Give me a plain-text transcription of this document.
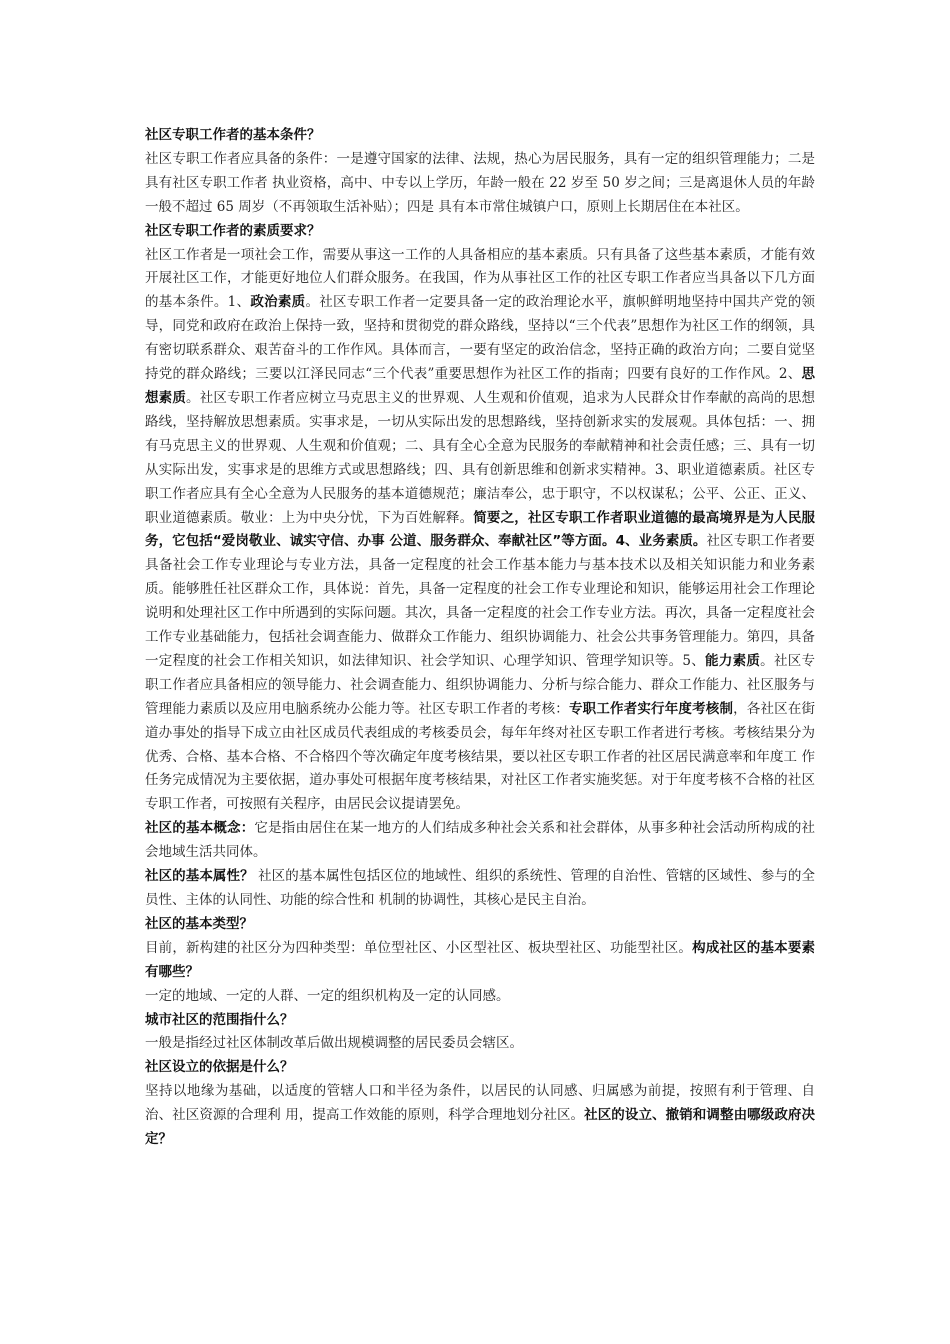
社区专职工作者的基本条件？

社区专职工作者应具备的条件：一是遵守国家的法律、法规，热心为居民服务，具有一定的组织管理能力；二是具有社区专职工作者 执业资格，高中、中专以上学历，年龄一般在 22 岁至 50 岁之间；三是离退休人员的年龄一般不超过 65 周岁（不再领取生活补贴）；四是 具有本市常住城镇户口，原则上长期居住在本社区。

社区专职工作者的素质要求？

社区工作者是一项社会工作，需要从事这一工作的人具备相应的基本素质。只有具备了这些基本素质，才能有效开展社区工作，才能更好地位人们群众服务。在我国，作为从事社区工作的社区专职工作者应当具备以下几方面的基本条件。1、政治素质。社区专职工作者一定要具备一定的政治理论水平，旗帜鲜明地坚持中国共产党的领导，同党和政府在政治上保持一致，坚持和贯彻党的群众路线，坚持以“三个代表”思想作为社区工作的纲领，具有密切联系群众、艰苦奋斗的工作作风。具体而言，一要有坚定的政治信念，坚持正确的政治方向；二要自觉坚持党的群众路线；三要以江泽民同志“三个代表”重要思想作为社区工作的指南；四要有良好的工作作风。2、思想素质。社区专职工作者应树立马克思主义的世界观、人生观和价值观，追求为人民群众甘作奉献的高尚的思想路线，坚持解放思想素质。实事求是，一切从实际出发的思想路线，坚持创新求实的发展观。具体包括：一、拥有马克思主义的世界观、人生观和价值观；二、具有全心全意为民服务的奉献精神和社会责任感；三、具有一切从实际出发，实事求是的思维方式或思想路线；四、具有创新思维和创新求实精神。3、职业道德素质。社区专职工作者应具有全心全意为人民服务的基本道德规范；廉洁奉公，忠于职守，不以权谋私；公平、公正、正义、职业道德素质。敬业：上为中央分忧，下为百姓解释。简要之，社区专职工作者职业道德的最高境界是为人民服务，它包括“爱岗敬业、诚实守信、办事 公道、服务群众、奉献社区”等方面。4、业务素质。社区专职工作者要具备社会工作专业理论与专业方法，具备一定程度的社会工作基本能力与基本技术以及相关知识能力和业务素质。能够胜任社区群众工作，具体说：首先，具备一定程度的社会工作专业理论和知识，能够运用社会工作理论说明和处理社区工作中所遇到的实际问题。其次，具备一定程度的社会工作专业方法。再次，具备一定程度社会工作专业基础能力，包括社会调查能力、做群众工作能力、组织协调能力、社会公共事务管理能力。第四，具备一定程度的社会工作相关知识，如法律知识、社会学知识、心理学知识、管理学知识等。5、能力素质。社区专职工作者应具备相应的领导能力、社会调查能力、组织协调能力、分析与综合能力、群众工作能力、社区服务与管理能力素质以及应用电脑系统办公能力等。社区专职工作者的考核：专职工作者实行年度考核制，各社区在街道办事处的指导下成立由社区成员代表组成的考核委员会，每年年终对社区专职工作者进行考核。考核结果分为优秀、合格、基本合格、不合格四个等次确定年度考核结果，要以社区专职工作者的社区居民满意率和年度工 作任务完成情况为主要依据，道办事处可根据年度考核结果，对社区工作者实施奖惩。对于年度考核不合格的社区专职工作者，可按照有关程序，由居民会议提请罢免。

社区的基本概念：它是指由居住在某一地方的人们结成多种社会关系和社会群体，从事多种社会活动所构成的社会地域生活共同体。

社区的基本属性？ 社区的基本属性包括区位的地域性、组织的系统性、管理的自治性、管辖的区域性、参与的全员性、主体的认同性、功能的综合性和 机制的协调性，其核心是民主自治。

社区的基本类型？

目前，新构建的社区分为四种类型：单位型社区、小区型社区、板块型社区、功能型社区。构成社区的基本要素有哪些？

一定的地域、一定的人群、一定的组织机构及一定的认同感。

城市社区的范围指什么？

一般是指经过社区体制改革后做出规模调整的居民委员会辖区。

社区设立的依据是什么？

坚持以地缘为基础，以适度的管辖人口和半径为条件，以居民的认同感、归属感为前提，按照有利于管理、自治、社区资源的合理利 用，提高工作效能的原则，科学合理地划分社区。社区的设立、撤销和调整由哪级政府决定？
